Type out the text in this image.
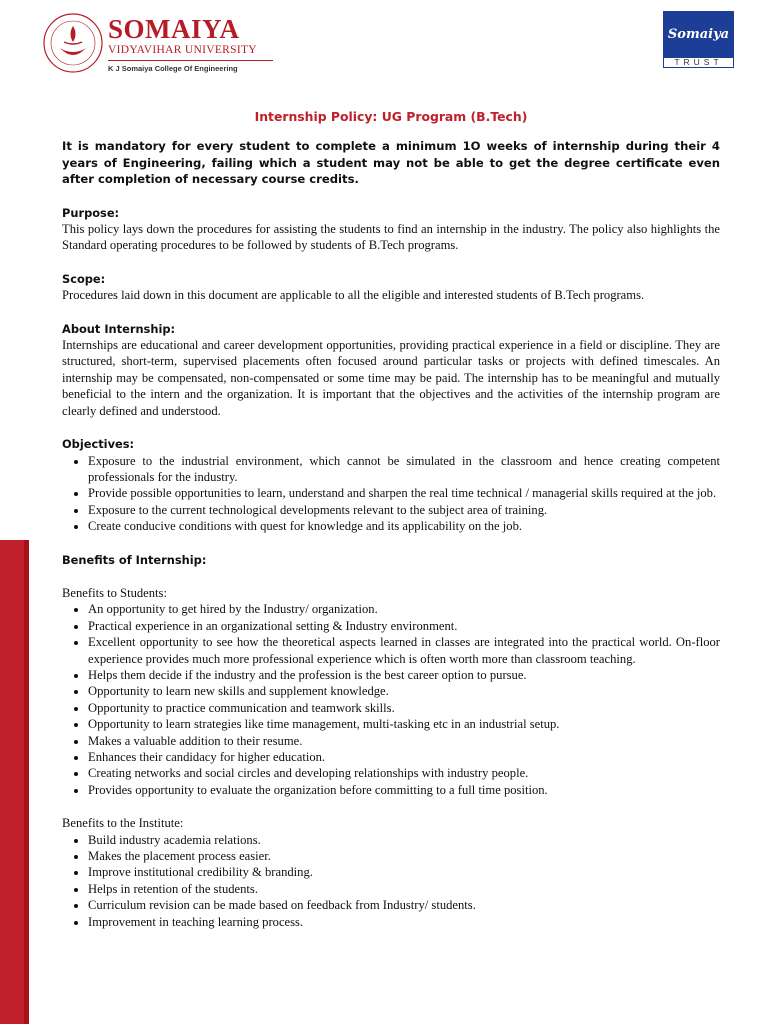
SOMAIYA
VIDYAVIHAR UNIVERSITY
K J Somaiya College Of Engineering
Somaiya
TRUST
Internship Policy: UG Program (B.Tech)

It is mandatory for every student to complete a minimum 1O weeks of internship during their 4 years of Engineering, failing which a student may not be able to get the degree certificate even after completion of necessary course credits.

Purpose:

This policy lays down the procedures for assisting the students to find an internship in the industry. The policy also highlights the Standard operating procedures to be followed by students of B.Tech programs.

Scope:

Procedures laid down in this document are applicable to all the eligible and interested students of B.Tech programs.

About Internship:

Internships are educational and career development opportunities, providing practical experience in a field or discipline. They are structured, short-term, supervised placements often focused around particular tasks or projects with defined timescales. An internship may be compensated, non-compensated or some time may be paid. The internship has to be meaningful and mutually beneficial to the intern and the organization. It is important that the objectives and the activities of the internship program are clearly defined and understood.

Objectives:
• Exposure to the industrial environment, which cannot be simulated in the classroom and hence creating competent professionals for the industry.
• Provide possible opportunities to learn, understand and sharpen the real time technical / managerial skills required at the job.
• Exposure to the current technological developments relevant to the subject area of training.
• Create conducive conditions with quest for knowledge and its applicability on the job.
Benefits of Internship:

Benefits to Students:

• An opportunity to get hired by the Industry/ organization.
• Practical experience in an organizational setting & Industry environment.
• Excellent opportunity to see how the theoretical aspects learned in classes are integrated into the practical world. On-floor experience provides much more professional experience which is often worth more than classroom teaching.
• Helps them decide if the industry and the profession is the best career option to pursue.
• Opportunity to learn new skills and supplement knowledge.
• Opportunity to practice communication and teamwork skills.
• Opportunity to learn strategies like time management, multi-tasking etc in an industrial setup.
• Makes a valuable addition to their resume.
• Enhances their candidacy for higher education.
• Creating networks and social circles and developing relationships with industry people.
• Provides opportunity to evaluate the organization before committing to a full time position.

Benefits to the Institute:

• Build industry academia relations.
• Makes the placement process easier.
• Improve institutional credibility & branding.
• Helps in retention of the students.
• Curriculum revision can be made based on feedback from Industry/ students.
• Improvement in teaching learning process.
